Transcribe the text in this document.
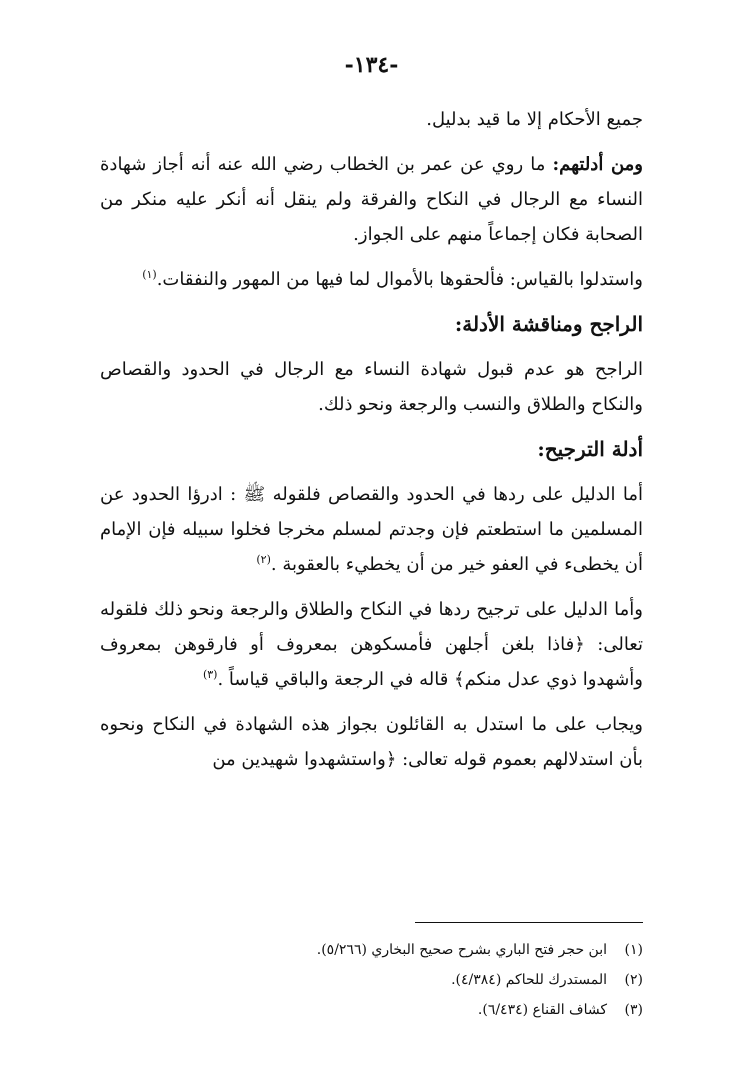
-١٣٤-

جميع الأحكام إلا ما قيد بدليل.

ومن أدلتهم: ما روي عن عمر بن الخطاب رضي الله عنه أنه أجاز شهادة النساء مع الرجال في النكاح والفرقة ولم ينقل أنه أنكر عليه منكر من الصحابة فكان إجماعاً منهم على الجواز.

واستدلوا بالقياس: فألحقوها بالأموال لما فيها من المهور والنفقات.$^{(١)}$

الراجح ومناقشة الأدلة:

الراجح هو عدم قبول شهادة النساء مع الرجال في الحدود والقصاص والنكاح والطلاق والنسب والرجعة ونحو ذلك.

أدلة الترجيح:

أما الدليل على ردها في الحدود والقصاص فلقوله ﷺ : ادرؤا الحدود عن المسلمين ما استطعتم فإن وجدتم لمسلم مخرجا فخلوا سبيله فإن الإمام أن يخطىء في العفو خير من أن يخطيء بالعقوبة .$^{(٢)}$

وأما الدليل على ترجيح ردها في النكاح والطلاق والرجعة ونحو ذلك فلقوله تعالى: ﴿فاذا بلغن أجلهن فأمسكوهن بمعروف أو فارقوهن بمعروف وأشهدوا ذوي عدل منكم﴾ قاله في الرجعة والباقي قياساً .$^{(٣)}$

ويجاب على ما استدل به القائلون بجواز هذه الشهادة في النكاح ونحوه بأن استدلالهم بعموم قوله تعالى: ﴿واستشهدوا شهيدين من

(١)
ابن حجر فتح الباري بشرح صحيح البخاري (٥/٢٦٦).
(٢)
المستدرك للحاكم (٤/٣٨٤).
(٣)
كشاف القناع (٦/٤٣٤).
